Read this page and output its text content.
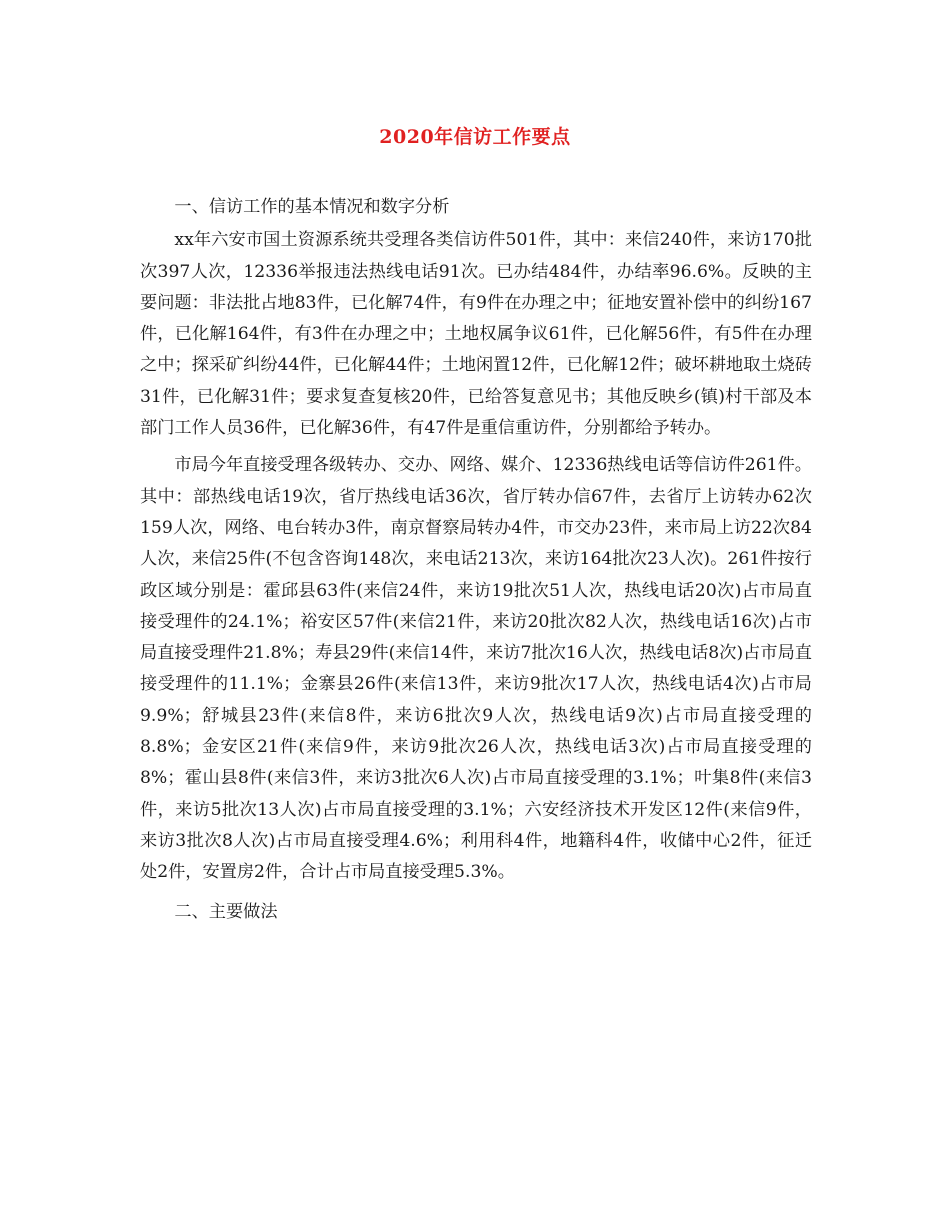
2020年信访工作要点

一、信访工作的基本情况和数字分析

xx年六安市国土资源系统共受理各类信访件501件，其中：来信240件，来访170批次397人次，12336举报违法热线电话91次。已办结484件，办结率96.6%。反映的主要问题：非法批占地83件，已化解74件，有9件在办理之中；征地安置补偿中的纠纷167件，已化解164件，有3件在办理之中；土地权属争议61件，已化解56件，有5件在办理之中；探采矿纠纷44件，已化解44件；土地闲置12件，已化解12件；破坏耕地取土烧砖31件，已化解31件；要求复查复核20件，已给答复意见书；其他反映乡(镇)村干部及本部门工作人员36件，已化解36件，有47件是重信重访件，分别都给予转办。

市局今年直接受理各级转办、交办、网络、媒介、12336热线电话等信访件261件。其中：部热线电话19次，省厅热线电话36次，省厅转办信67件，去省厅上访转办62次159人次，网络、电台转办3件，南京督察局转办4件，市交办23件，来市局上访22次84人次，来信25件(不包含咨询148次，来电话213次，来访164批次23人次)。261件按行政区域分别是：霍邱县63件(来信24件，来访19批次51人次，热线电话20次)占市局直接受理件的24.1%；裕安区57件(来信21件，来访20批次82人次，热线电话16次)占市局直接受理件21.8%；寿县29件(来信14件，来访7批次16人次，热线电话8次)占市局直接受理件的11.1%；金寨县26件(来信13件，来访9批次17人次，热线电话4次)占市局9.9%；舒城县23件(来信8件，来访6批次9人次，热线电话9次)占市局直接受理的8.8%；金安区21件(来信9件，来访9批次26人次，热线电话3次)占市局直接受理的8%；霍山县8件(来信3件，来访3批次6人次)占市局直接受理的3.1%；叶集8件(来信3件，来访5批次13人次)占市局直接受理的3.1%；六安经济技术开发区12件(来信9件，来访3批次8人次)占市局直接受理4.6%；利用科4件，地籍科4件，收储中心2件，征迁处2件，安置房2件，合计占市局直接受理5.3%。

二、主要做法
